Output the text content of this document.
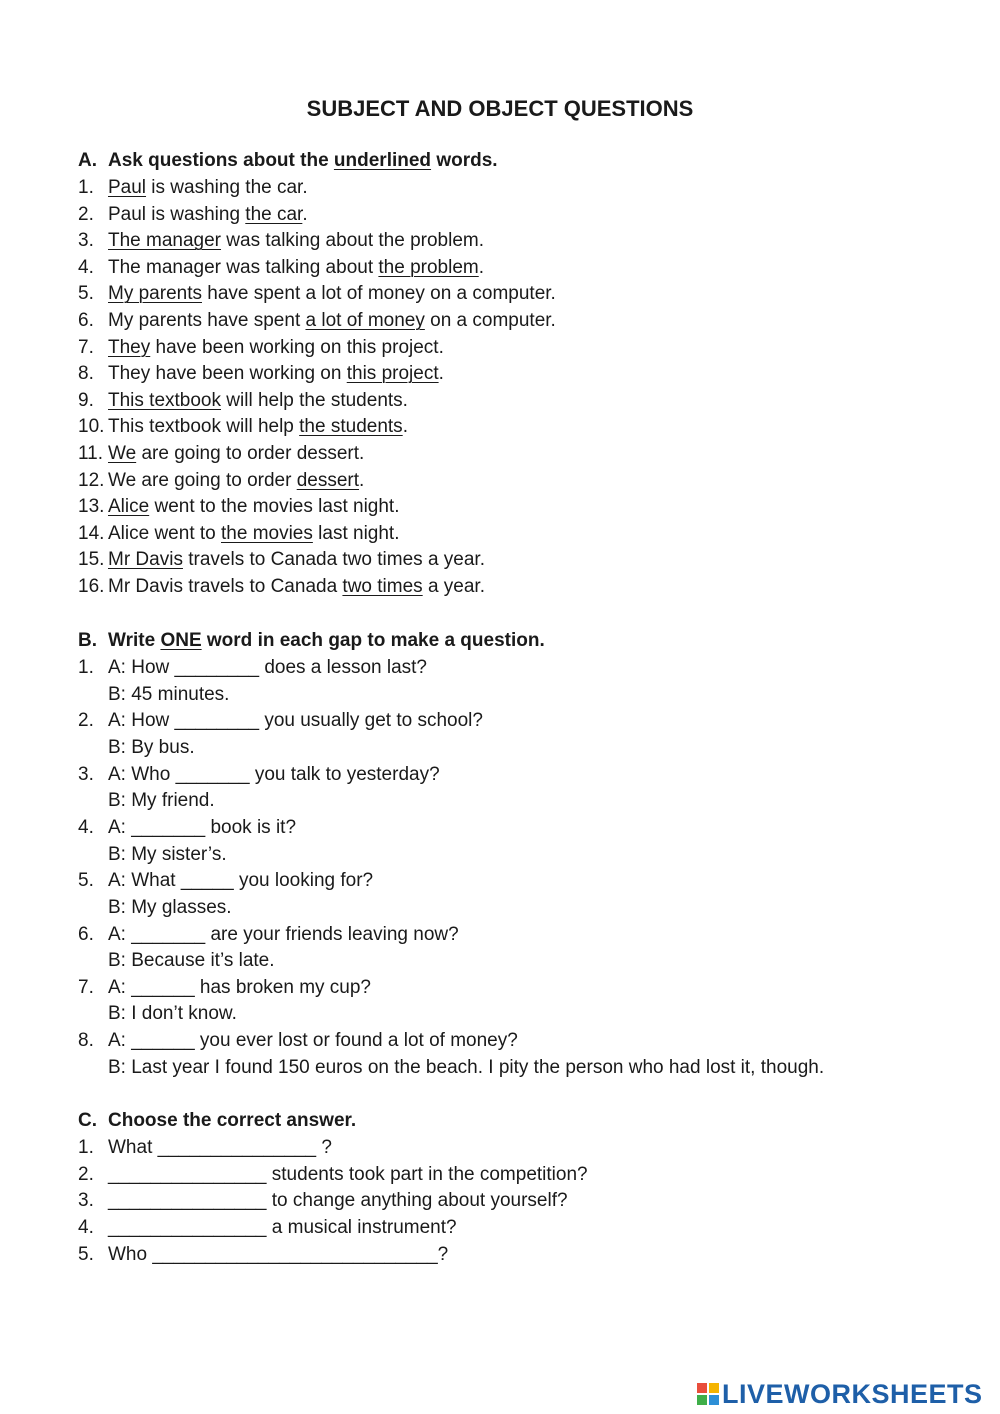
SUBJECT AND OBJECT QUESTIONS
A. Ask questions about the underlined words.
1. Paul is washing the car.
2. Paul is washing the car.
3. The manager was talking about the problem.
4. The manager was talking about the problem.
5. My parents have spent a lot of money on a computer.
6. My parents have spent a lot of money on a computer.
7. They have been working on this project.
8. They have been working on this project.
9. This textbook will help the students.
10. This textbook will help the students.
11. We are going to order dessert.
12. We are going to order dessert.
13. Alice went to the movies last night.
14. Alice went to the movies last night.
15. Mr Davis travels to Canada two times a year.
16. Mr Davis travels to Canada two times a year.
B. Write ONE word in each gap to make a question.
1. A: How ________ does a lesson last?
B: 45 minutes.
2. A: How ________ you usually get to school?
B: By bus.
3. A: Who _______ you talk to yesterday?
B: My friend.
4. A: _______ book is it?
B: My sister’s.
5. A: What _____ you looking for?
B: My glasses.
6. A: _______ are your friends leaving now?
B: Because it’s late.
7. A: ______ has broken my cup?
B: I don’t know.
8. A: ______ you ever lost or found a lot of money?
B: Last year I found 150 euros on the beach. I pity the person who had lost it, though.
C. Choose the correct answer.
1. What _______________ ?
2. _______________ students took part in the competition?
3. _______________ to change anything about yourself?
4. _______________ a musical instrument?
5. Who ___________________________?
LIVEWORKSHEETS
